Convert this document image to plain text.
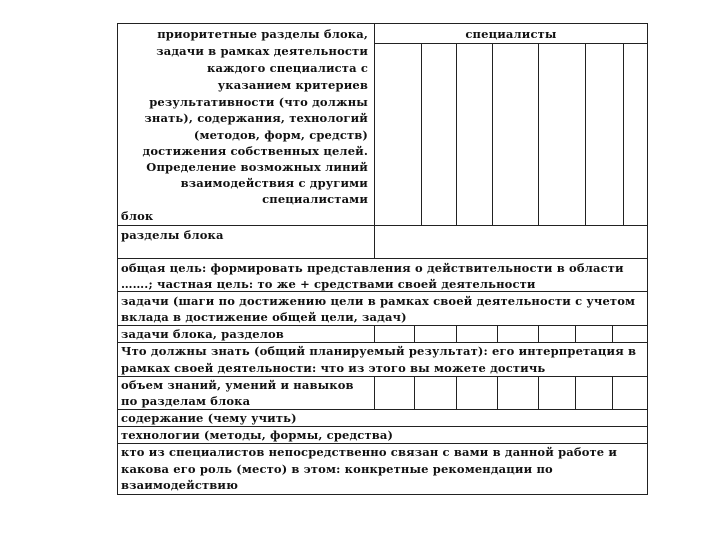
приоритетные разделы блока,
задачи в рамках деятельности
каждого специалиста с
указанием критериев
результативности (что должны
знать), содержания, технологий
(методов, форм, средств)
достижения собственных целей.
Определение возможных линий
взаимодействия с другими
специалистами
специалисты
блок
разделы блока
общая цель: формировать представления о действительности в области
…….; частная цель: то же + средствами своей деятельности
задачи (шаги по достижению цели в рамках своей деятельности с учетом
вклада в достижение общей цели, задач)
задачи блока, разделов
Что должны знать (общий планируемый результат): его интерпретация в
рамках своей деятельности: что из этого вы можете достичь
объем знаний, умений и навыков
по разделам блока
содержание (чему учить)
технологии (методы, формы, средства)
кто из специалистов непосредственно связан с вами в данной работе и
какова его роль (место) в этом: конкретные рекомендации по
взаимодействию
